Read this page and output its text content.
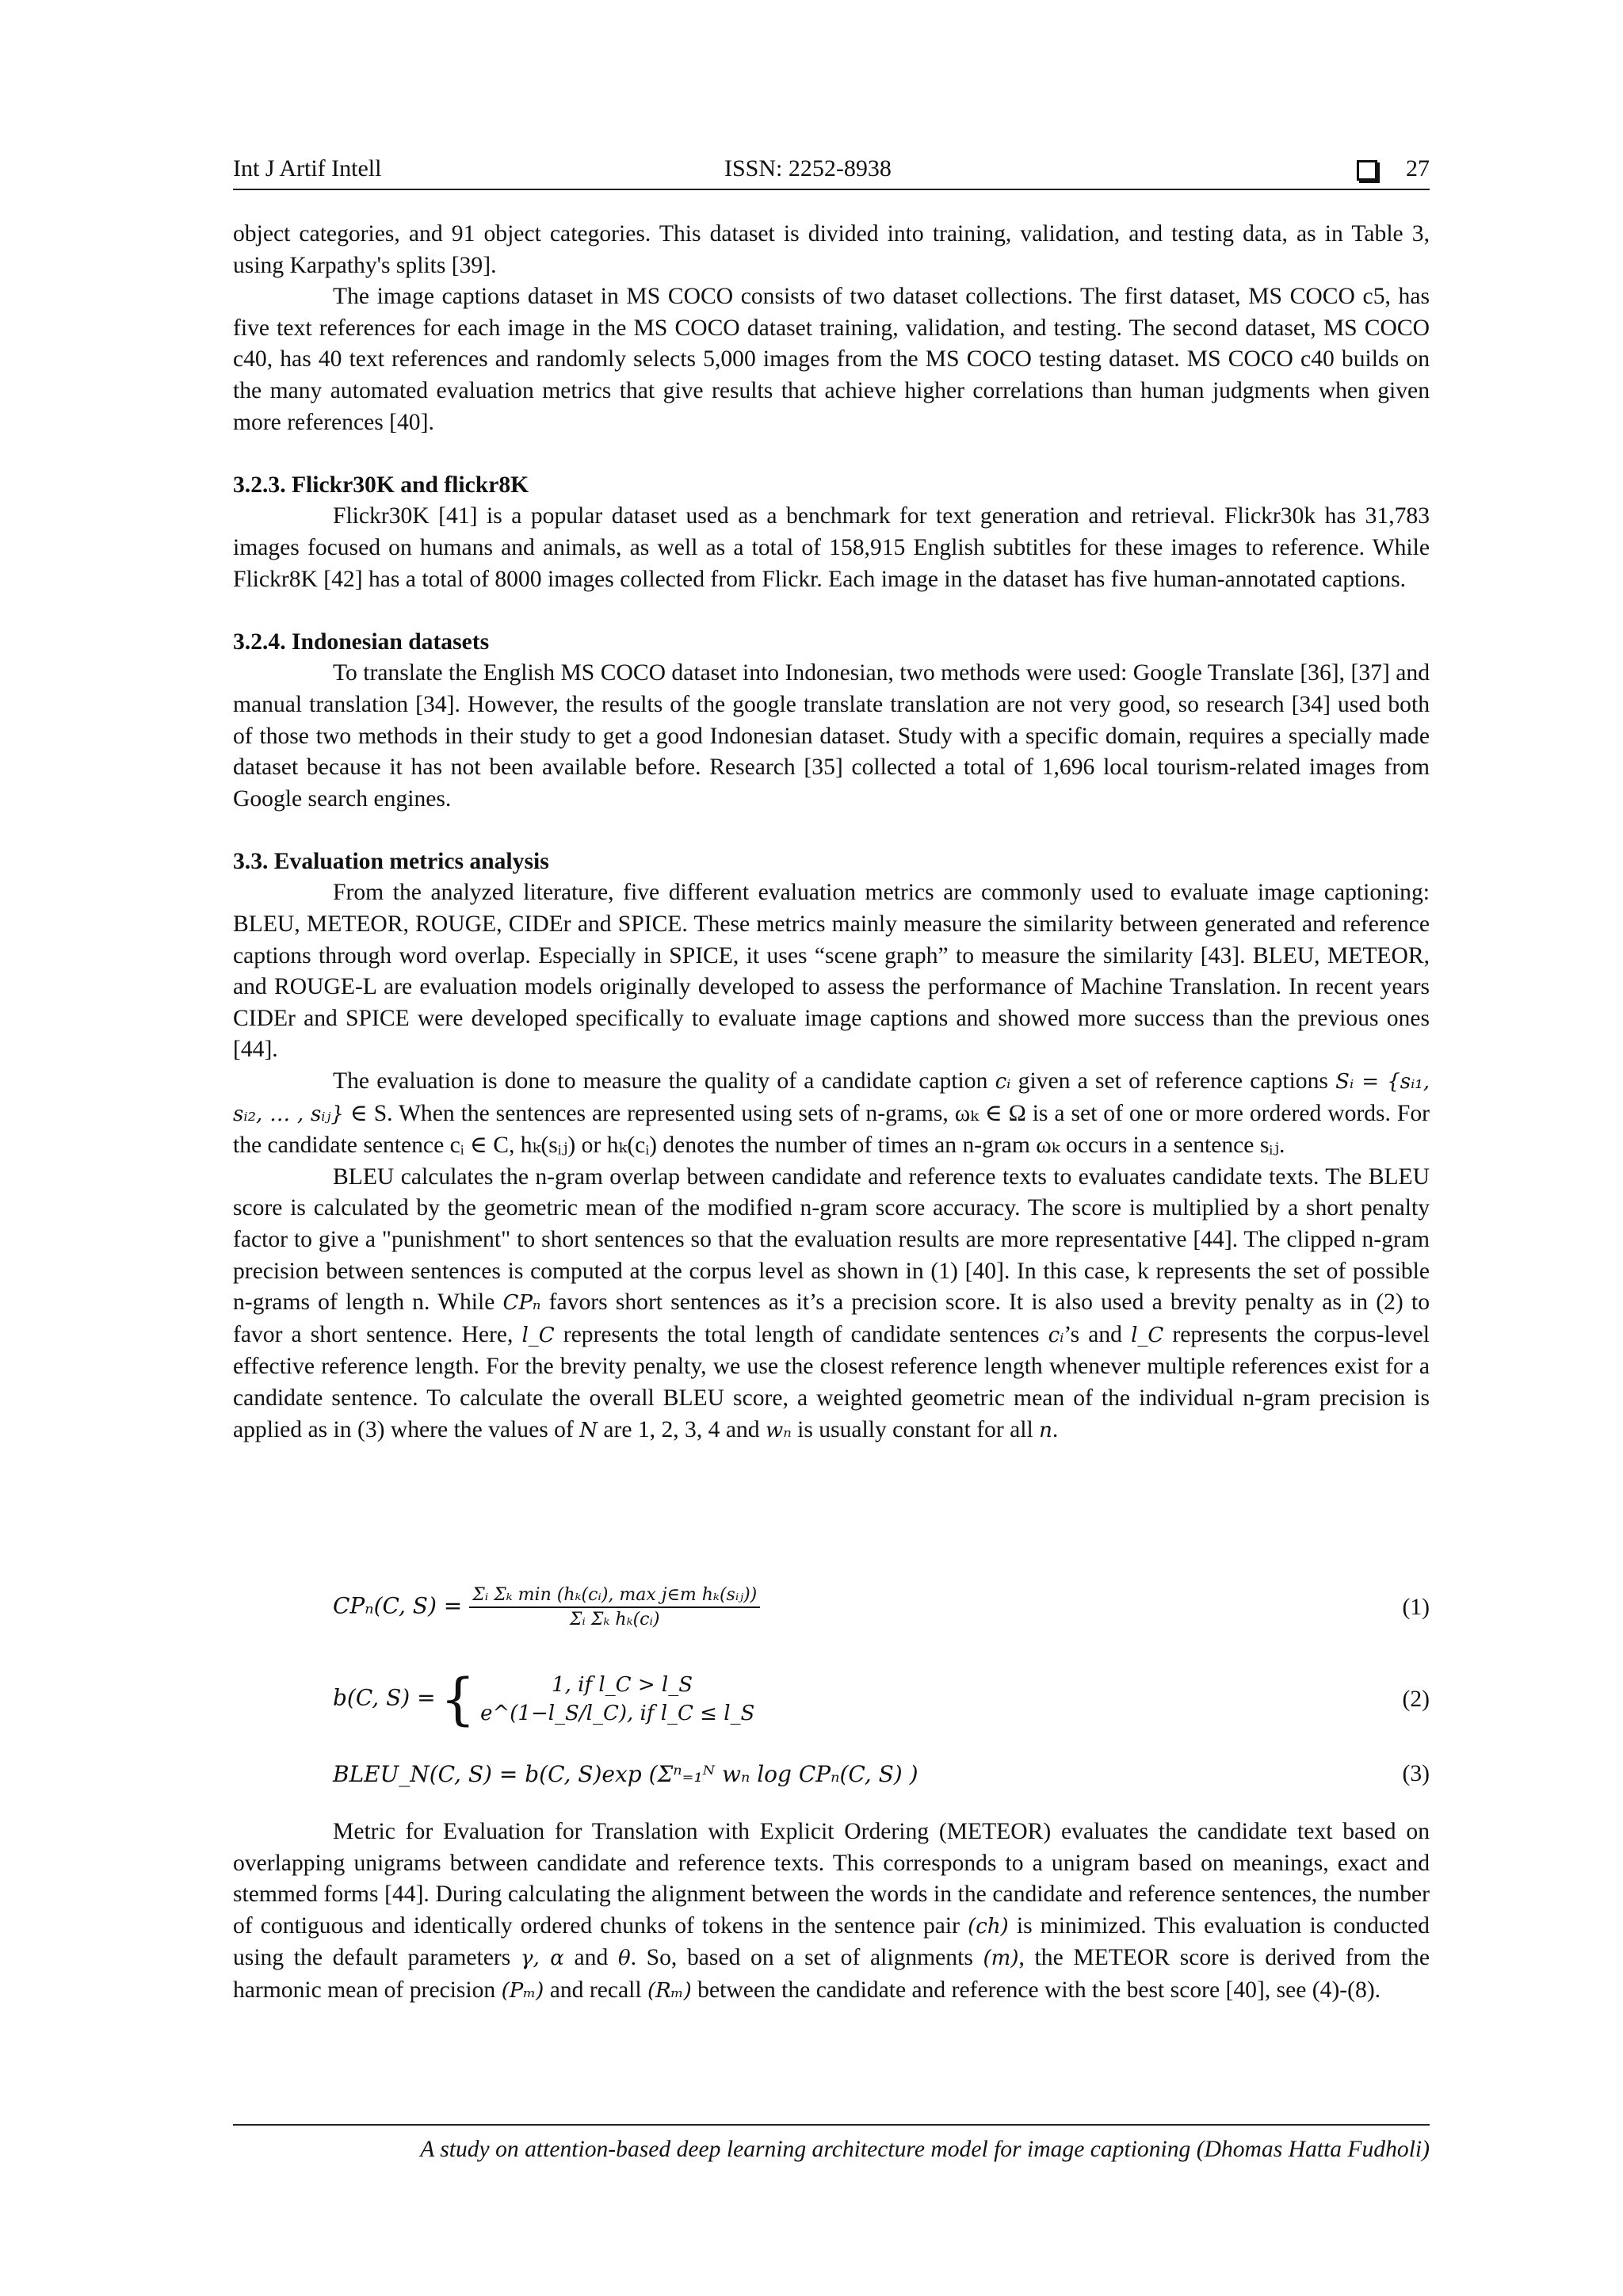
Int J Artif Intell	ISSN: 2252-8938	27

object categories, and 91 object categories. This dataset is divided into training, validation, and testing data, as in Table 3, using Karpathy's splits [39].

The image captions dataset in MS COCO consists of two dataset collections. The first dataset, MS COCO c5, has five text references for each image in the MS COCO dataset training, validation, and testing. The second dataset, MS COCO c40, has 40 text references and randomly selects 5,000 images from the MS COCO testing dataset. MS COCO c40 builds on the many automated evaluation metrics that give results that achieve higher correlations than human judgments when given more references [40].

3.2.3. Flickr30K and flickr8K

Flickr30K [41] is a popular dataset used as a benchmark for text generation and retrieval. Flickr30k has 31,783 images focused on humans and animals, as well as a total of 158,915 English subtitles for these images to reference. While Flickr8K [42] has a total of 8000 images collected from Flickr. Each image in the dataset has five human-annotated captions.

3.2.4. Indonesian datasets

To translate the English MS COCO dataset into Indonesian, two methods were used: Google Translate [36], [37] and manual translation [34]. However, the results of the google translate translation are not very good, so research [34] used both of those two methods in their study to get a good Indonesian dataset. Study with a specific domain, requires a specially made dataset because it has not been available before. Research [35] collected a total of 1,696 local tourism-related images from Google search engines.

3.3. Evaluation metrics analysis

From the analyzed literature, five different evaluation metrics are commonly used to evaluate image captioning: BLEU, METEOR, ROUGE, CIDEr and SPICE. These metrics mainly measure the similarity between generated and reference captions through word overlap. Especially in SPICE, it uses “scene graph” to measure the similarity [43]. BLEU, METEOR, and ROUGE-L are evaluation models originally developed to assess the performance of Machine Translation. In recent years CIDEr and SPICE were developed specifically to evaluate image captions and showed more success than the previous ones [44].

The evaluation is done to measure the quality of a candidate caption cᵢ given a set of reference captions Sᵢ = {sᵢ₁, sᵢ₂, … , sᵢⱼ} ∈ S. When the sentences are represented using sets of n-grams, ωₖ ∈ Ω is a set of one or more ordered words. For the candidate sentence cᵢ ∈ C, hₖ(sᵢⱼ) or hₖ(cᵢ) denotes the number of times an n-gram ωₖ occurs in a sentence sᵢⱼ.

BLEU calculates the n-gram overlap between candidate and reference texts to evaluates candidate texts. The BLEU score is calculated by the geometric mean of the modified n-gram score accuracy. The score is multiplied by a short penalty factor to give a "punishment" to short sentences so that the evaluation results are more representative [44]. The clipped n-gram precision between sentences is computed at the corpus level as shown in (1) [40]. In this case, k represents the set of possible n-grams of length n. While CPₙ favors short sentences as it’s a precision score. It is also used a brevity penalty as in (2) to favor a short sentence. Here, l_C represents the total length of candidate sentences cᵢ’s and l_C represents the corpus-level effective reference length. For the brevity penalty, we use the closest reference length whenever multiple references exist for a candidate sentence. To calculate the overall BLEU score, a weighted geometric mean of the individual n-gram precision is applied as in (3) where the values of N are 1, 2, 3, 4 and wₙ is usually constant for all n.

CPₙ(C, $S) = \frac{\text{Σᵢ Σₖ min (hₖ(cᵢ), max j∈m hₖ(sᵢⱼ))}}{\text{Σᵢ Σₖ hₖ(cᵢ)}}$	(1)
b(C, S) ={	1, if l_C > l_S
e^(1−l_S/l_C), if l_C ≤ l_S
(2)
BLEU_N(C, S) = b(C, S)exp (Σⁿ₌₁ᴺ wₙ log CPₙ(C, S) )	(3)

Metric for Evaluation for Translation with Explicit Ordering (METEOR) evaluates the candidate text based on overlapping unigrams between candidate and reference texts. This corresponds to a unigram based on meanings, exact and stemmed forms [44]. During calculating the alignment between the words in the candidate and reference sentences, the number of contiguous and identically ordered chunks of tokens in the sentence pair (ch) is minimized. This evaluation is conducted using the default parameters γ, α and θ. So, based on a set of alignments (m), the METEOR score is derived from the harmonic mean of precision (Pₘ) and recall (Rₘ) between the candidate and reference with the best score [40], see (4)-(8).

A study on attention-based deep learning architecture model for image captioning (Dhomas Hatta Fudholi)
